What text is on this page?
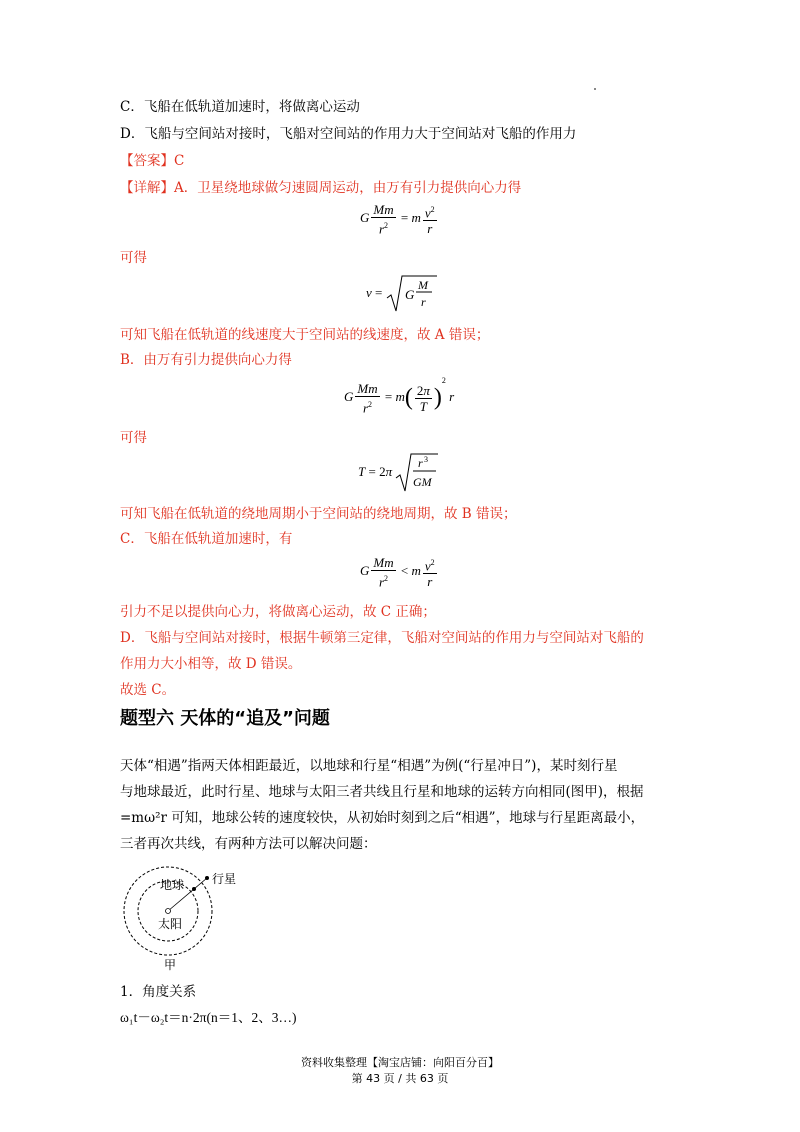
C．飞船在低轨道加速时，将做离心运动
D．飞船与空间站对接时，飞船对空间站的作用力大于空间站对飞船的作用力
【答案】C
【详解】A．卫星绕地球做匀速圆周运动，由万有引力提供向心力得
G $\frac{Mm}{r^2} = m \frac{v^2}{r}$
可得
v = G
M
r
可知飞船在低轨道的线速度大于空间站的线速度，故 A 错误；
B．由万有引力提供向心力得
G $\frac{Mm}{r^2} = m( \frac{2\pi}{T} )^2$ r
可得
T = 2π
r 3
GM
可知飞船在低轨道的绕地周期小于空间站的绕地周期，故 B 错误；
C．飞船在低轨道加速时，有
G $\frac{Mm}{r^2} < m \frac{v^2}{r}$
引力不足以提供向心力，将做离心运动，故 C 正确；
D．飞船与空间站对接时，根据牛顿第三定律，飞船对空间站的作用力与空间站对飞船的
作用力大小相等，故 D 错误。
故选 C。
题型六 天体的“追及”问题
天体“相遇”指两天体相距最近，以地球和行星“相遇”为例(“行星冲日”)，某时刻行星
与地球最近，此时行星、地球与太阳三者共线且行星和地球的运转方向相同(图甲)，根据
=mω²r 可知，地球公转的速度较快，从初始时刻到之后“相遇”，地球与行星距离最小，
三者再次共线，有两种方法可以解决问题：
地球 行星
太阳
甲
1．角度关系
ω₁t－ω₂t＝n·2π(n＝1、2、3…)
资料收集整理【淘宝店铺：向阳百分百】
第 43 页 / 共 63 页
